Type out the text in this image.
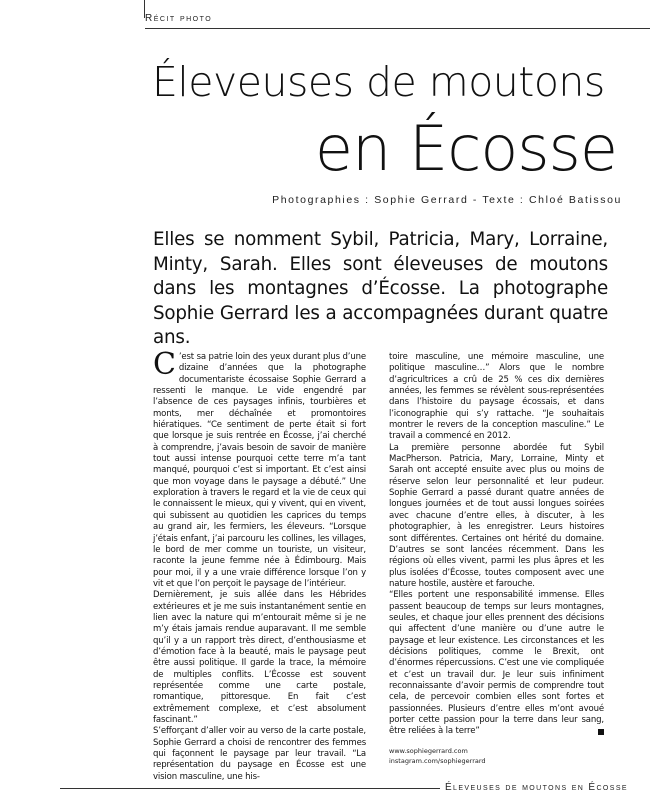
Récit photo
Éleveuses de moutons
en Écosse
Photographies : Sophie Gerrard - Texte : Chloé Batissou
Elles se nomment Sybil, Patricia, Mary, Lorraine, Minty, Sarah. Elles sont éleveuses de moutons dans les montagnes d’Écosse. La photographe Sophie Gerrard les a accompagnées durant quatre ans.

C ’est sa patrie loin des yeux durant plus d’une dizaine d’années que la photographe documentariste écossaise Sophie Gerrard a ressenti le manque. Le vide engendré par l’absence de ces paysages infinis, tourbières et monts, mer déchaînée et promontoires hiératiques. “Ce sentiment de perte était si fort que lorsque je suis rentrée en Écosse, j’ai cherché à comprendre, j’avais besoin de savoir de manière tout aussi intense pourquoi cette terre m’a tant manqué, pourquoi c’est si important. Et c’est ainsi que mon voyage dans le paysage a débuté.” Une exploration à travers le regard et la vie de ceux qui le connaissent le mieux, qui y vivent, qui en vivent, qui subissent au quotidien les caprices du temps au grand air, les fermiers, les éleveurs. “Lorsque j’étais enfant, j’ai parcouru les collines, les villages, le bord de mer comme un touriste, un visiteur, raconte la jeune femme née à Édimbourg. Mais pour moi, il y a une vraie différence lorsque l’on y vit et que l’on perçoit le paysage de l’intérieur.

Dernièrement, je suis allée dans les Hébrides extérieures et je me suis instantanément sentie en lien avec la nature qui m’entourait même si je ne m’y étais jamais rendue auparavant. Il me semble qu’il y a un rapport très direct, d’enthousiasme et d’émotion face à la beauté, mais le paysage peut être aussi politique. Il garde la trace, la mémoire de multiples conflits. L’Écosse est souvent représentée comme une carte postale, romantique, pittoresque. En fait c’est extrêmement complexe, et c’est absolument fascinant.”

S’efforçant d’aller voir au verso de la carte postale, Sophie Gerrard a choisi de rencontrer des femmes qui façonnent le paysage par leur travail. “La représentation du paysage en Écosse est une vision masculine, une his-

toire masculine, une mémoire masculine, une politique masculine…” Alors que le nombre d’agricultrices a crû de 25 % ces dix dernières années, les femmes se révèlent sous-représentées dans l’histoire du paysage écossais, et dans l’iconographie qui s’y rattache. “Je souhaitais montrer le revers de la conception masculine.” Le travail a commencé en 2012.

La première personne abordée fut Sybil MacPherson. Patricia, Mary, Lorraine, Minty et Sarah ont accepté ensuite avec plus ou moins de réserve selon leur personnalité et leur pudeur. Sophie Gerrard a passé durant quatre années de longues journées et de tout aussi longues soirées avec chacune d’entre elles, à discuter, à les photographier, à les enregistrer. Leurs histoires sont différentes. Certaines ont hérité du domaine. D’autres se sont lancées récemment. Dans les régions où elles vivent, parmi les plus âpres et les plus isolées d’Écosse, toutes composent avec une nature hostile, austère et farouche.

“Elles portent une responsabilité immense. Elles passent beaucoup de temps sur leurs montagnes, seules, et chaque jour elles prennent des décisions qui affectent d’une manière ou d’une autre le paysage et leur existence. Les circonstances et les décisions politiques, comme le Brexit, ont d’énormes répercussions. C’est une vie compliquée et c’est un travail dur. Je leur suis infiniment reconnaissante d’avoir permis de comprendre tout cela, de percevoir combien elles sont fortes et passionnées. Plusieurs d’entre elles m’ont avoué porter cette passion pour la terre dans leur sang, être reliées à la terre”

www.sophiegerrard.com
instagram.com/sophiegerrard
Éleveuses de moutons en Écosse
